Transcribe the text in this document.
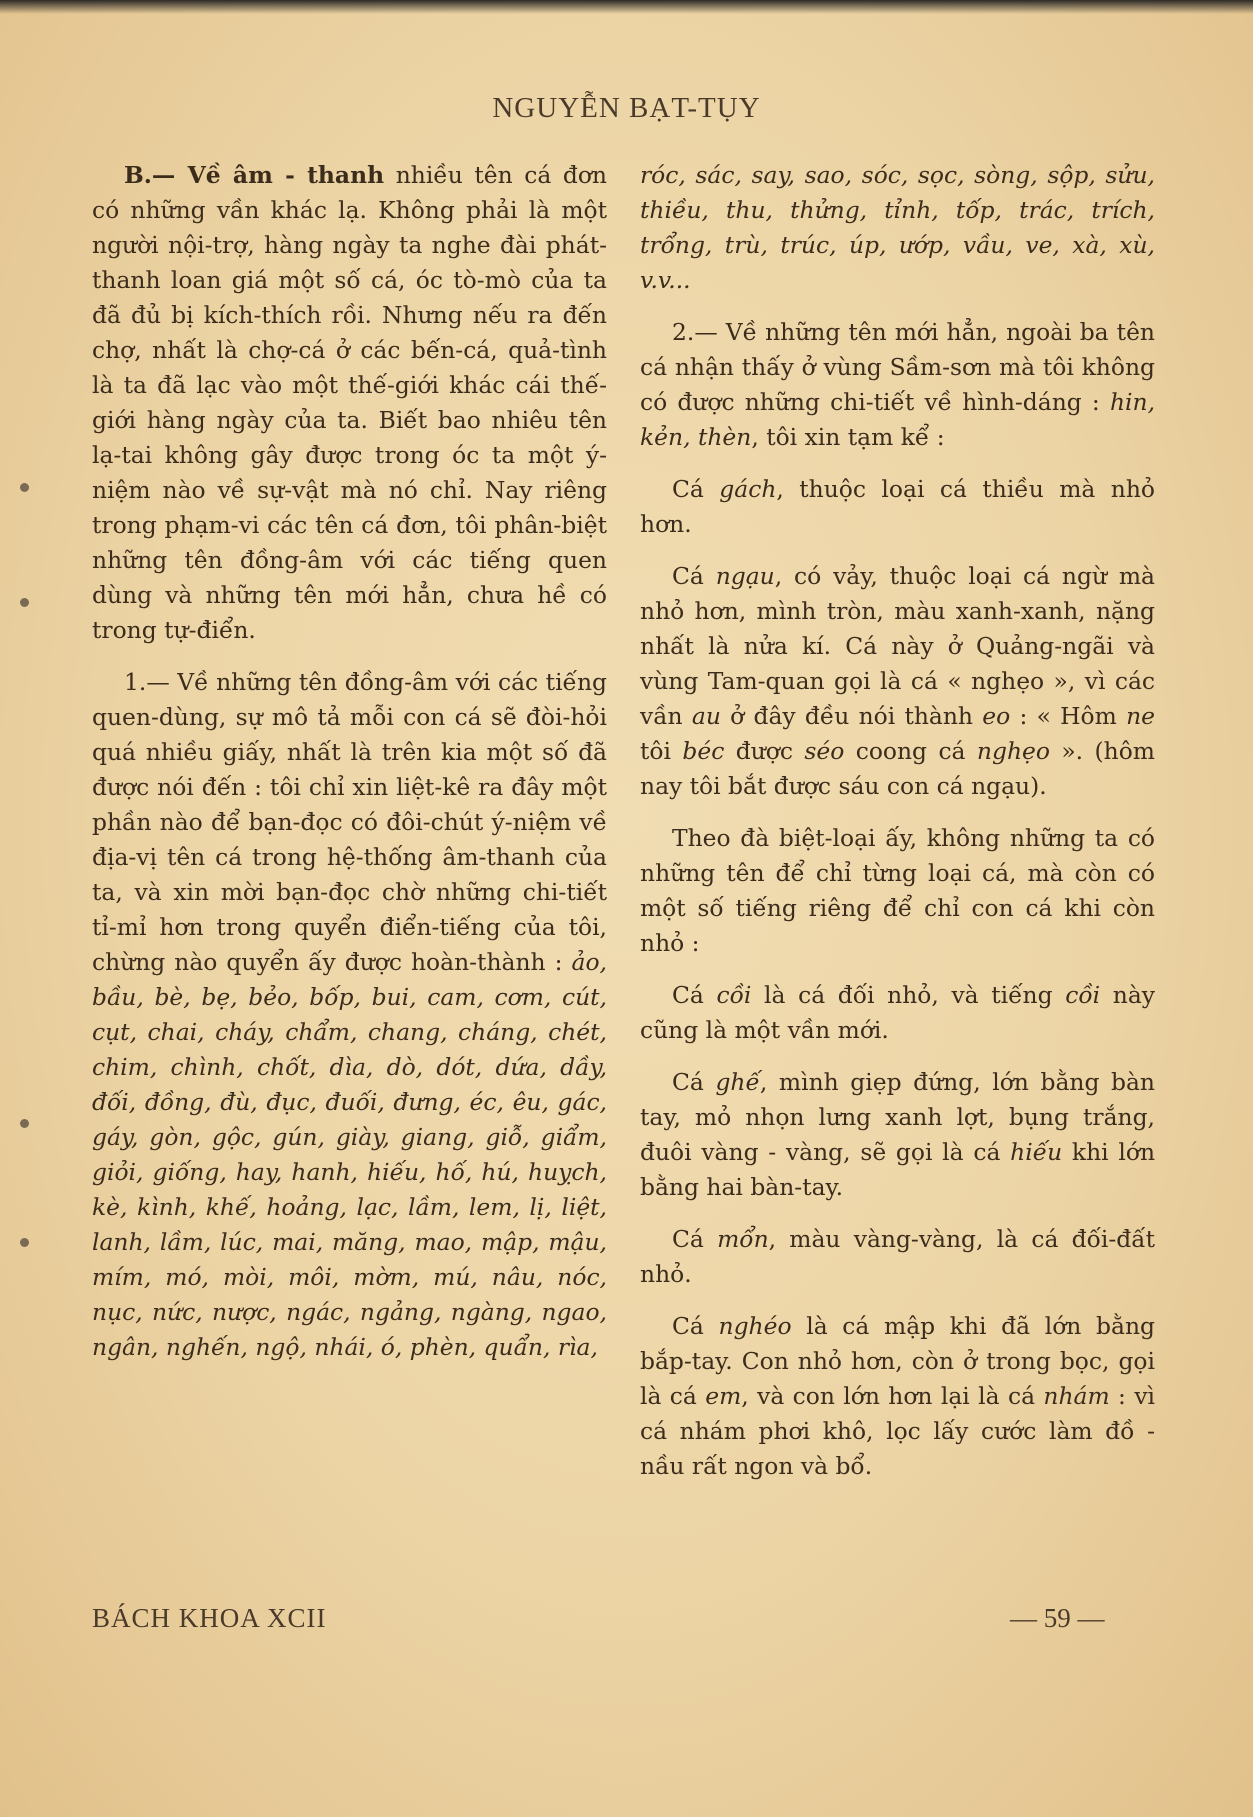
NGUYỄN BẠT-TỤY

B.— Về âm - thanh nhiều tên cá đơn có những vần khác lạ. Không phải là một người nội-trợ, hàng ngày ta nghe đài phát-thanh loan giá một số cá, óc tò-mò của ta đã đủ bị kích-thích rồi. Nhưng nếu ra đến chợ, nhất là chợ-cá ở các bến-cá, quả-tình là ta đã lạc vào một thế-giới khác cái thế-giới hàng ngày của ta. Biết bao nhiêu tên lạ-tai không gây được trong óc ta một ý-niệm nào về sự-vật mà nó chỉ. Nay riêng trong phạm-vi các tên cá đơn, tôi phân-biệt những tên đồng-âm với các tiếng quen dùng và những tên mới hẳn, chưa hề có trong tự-điển.

1.— Về những tên đồng-âm với các tiếng quen-dùng, sự mô tả mỗi con cá sẽ đòi-hỏi quá nhiều giấy, nhất là trên kia một số đã được nói đến : tôi chỉ xin liệt-kê ra đây một phần nào để bạn-đọc có đôi-chút ý-niệm về địa-vị tên cá trong hệ-thống âm-thanh của ta, và xin mời bạn-đọc chờ những chi-tiết tỉ-mỉ hơn trong quyển điển-tiếng của tôi, chừng nào quyển ấy được hoàn-thành : ảo, bầu, bè, bẹ, bẻo, bốp, bui, cam, cơm, cút, cụt, chai, cháy, chẩm, chang, cháng, chét, chim, chình, chốt, dìa, dò, dót, dứa, dầy, đối, đồng, đù, đục, đuối, đưng, éc, êu, gác, gáy, gòn, gộc, gún, giày, giang, giỗ, giẩm, giỏi, giống, hay, hanh, hiếu, hố, hú, huỵch, kè, kình, khế, hoảng, lạc, lầm, lem, lị, liệt, lanh, lầm, lúc, mai, măng, mao, mập, mậu, mím, mó, mòi, môi, mờm, mú, nâu, nóc, nục, nức, nược, ngác, ngảng, ngàng, ngao, ngân, nghến, ngộ, nhái, ó, phèn, quẩn, rìa,

róc, sác, say, sao, sóc, sọc, sòng, sộp, sửu, thiều, thu, thửng, tỉnh, tốp, trác, trích, trổng, trù, trúc, úp, ướp, vầu, ve, xà, xù, v.v...

2.— Về những tên mới hẳn, ngoài ba tên cá nhận thấy ở vùng Sầm-sơn mà tôi không có được những chi-tiết về hình-dáng : hin, kẻn, thèn, tôi xin tạm kể :

Cá gách, thuộc loại cá thiều mà nhỏ hơn.

Cá ngạu, có vảy, thuộc loại cá ngừ mà nhỏ hơn, mình tròn, màu xanh-xanh, nặng nhất là nửa kí. Cá này ở Quảng-ngãi và vùng Tam-quan gọi là cá « nghẹo », vì các vần au ở đây đều nói thành eo : « Hôm ne tôi béc được séo coong cá nghẹo ». (hôm nay tôi bắt được sáu con cá ngạu).

Theo đà biệt-loại ấy, không những ta có những tên để chỉ từng loại cá, mà còn có một số tiếng riêng để chỉ con cá khi còn nhỏ :

Cá cồi là cá đối nhỏ, và tiếng cồi này cũng là một vần mới.

Cá ghế, mình giẹp đứng, lớn bằng bàn tay, mỏ nhọn lưng xanh lợt, bụng trắng, đuôi vàng - vàng, sẽ gọi là cá hiếu khi lớn bằng hai bàn-tay.

Cá mổn, màu vàng-vàng, là cá đối-đất nhỏ.

Cá nghéo là cá mập khi đã lớn bằng bắp-tay. Con nhỏ hơn, còn ở trong bọc, gọi là cá em, và con lớn hơn lại là cá nhám : vì cá nhám phơi khô, lọc lấy cước làm đồ - nầu rất ngon và bổ.

BÁCH KHOA XCII	— 59 —
